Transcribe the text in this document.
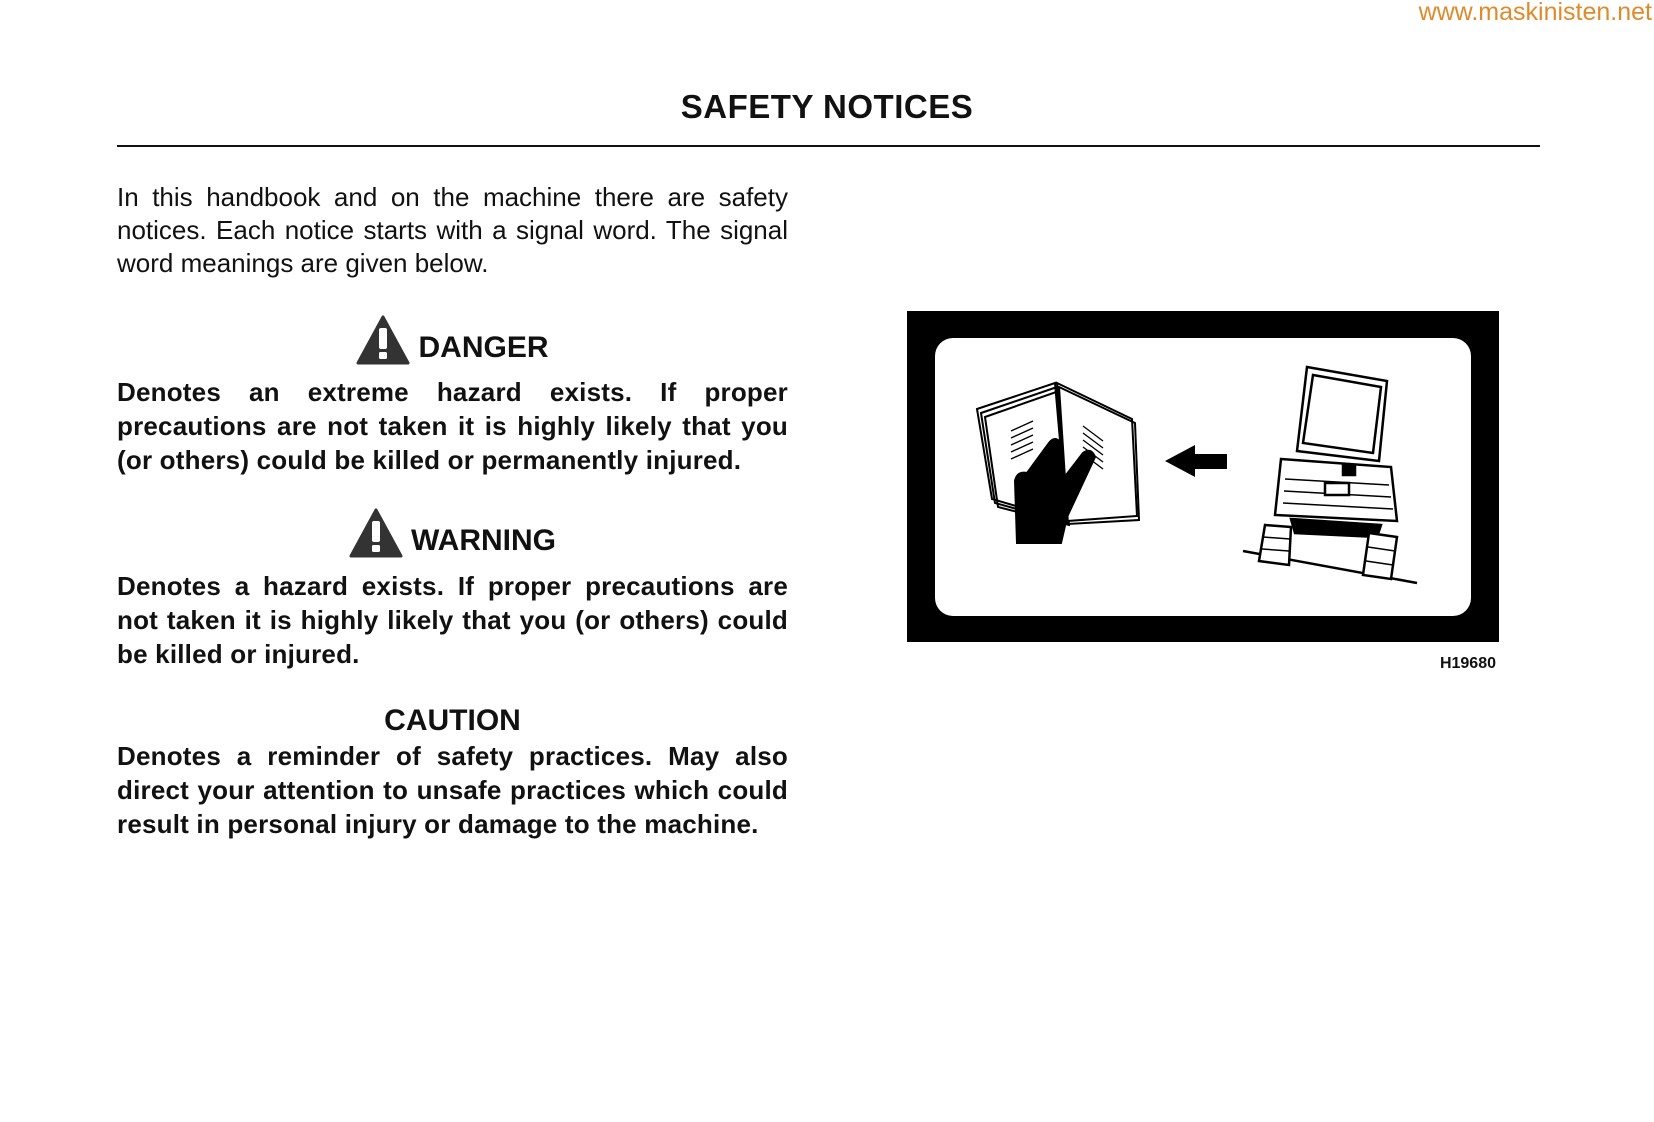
www.maskinisten.net
SAFETY NOTICES

In this handbook and on the machine there are safety notices. Each notice starts with a signal word. The signal word meanings are given below.

DANGER

Denotes an extreme hazard exists. If proper precautions are not taken it is highly likely that you (or others) could be killed or permanently injured.

WARNING

Denotes a hazard exists. If proper precautions are not taken it is highly likely that you (or others) could be killed or injured.

CAUTION

Denotes a reminder of safety practices. May also direct your attention to unsafe practices which could result in personal injury or damage to the machine.

H19680
